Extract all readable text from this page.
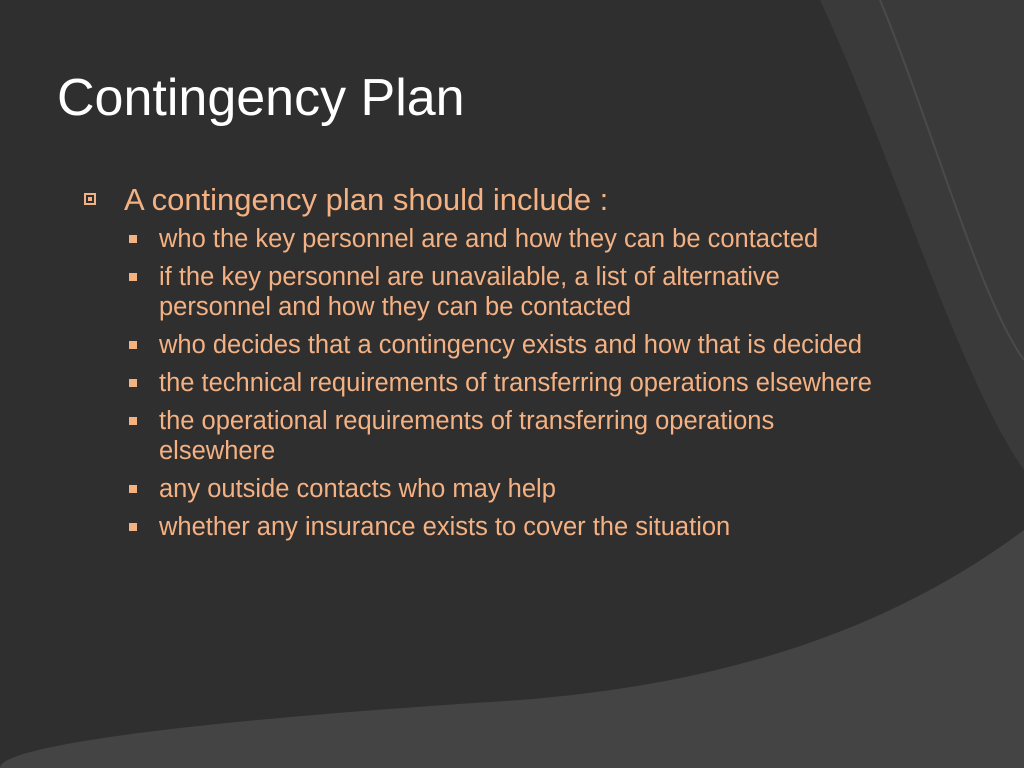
Contingency Plan
A contingency plan should include :
who the key personnel are and how they can be contacted
if the key personnel are unavailable, a list of alternative personnel and how they can be contacted
who decides that a contingency exists and how that is decided
the technical requirements of transferring operations elsewhere
the operational requirements of transferring operations elsewhere
any outside contacts who may help
whether any insurance exists to cover the situation
